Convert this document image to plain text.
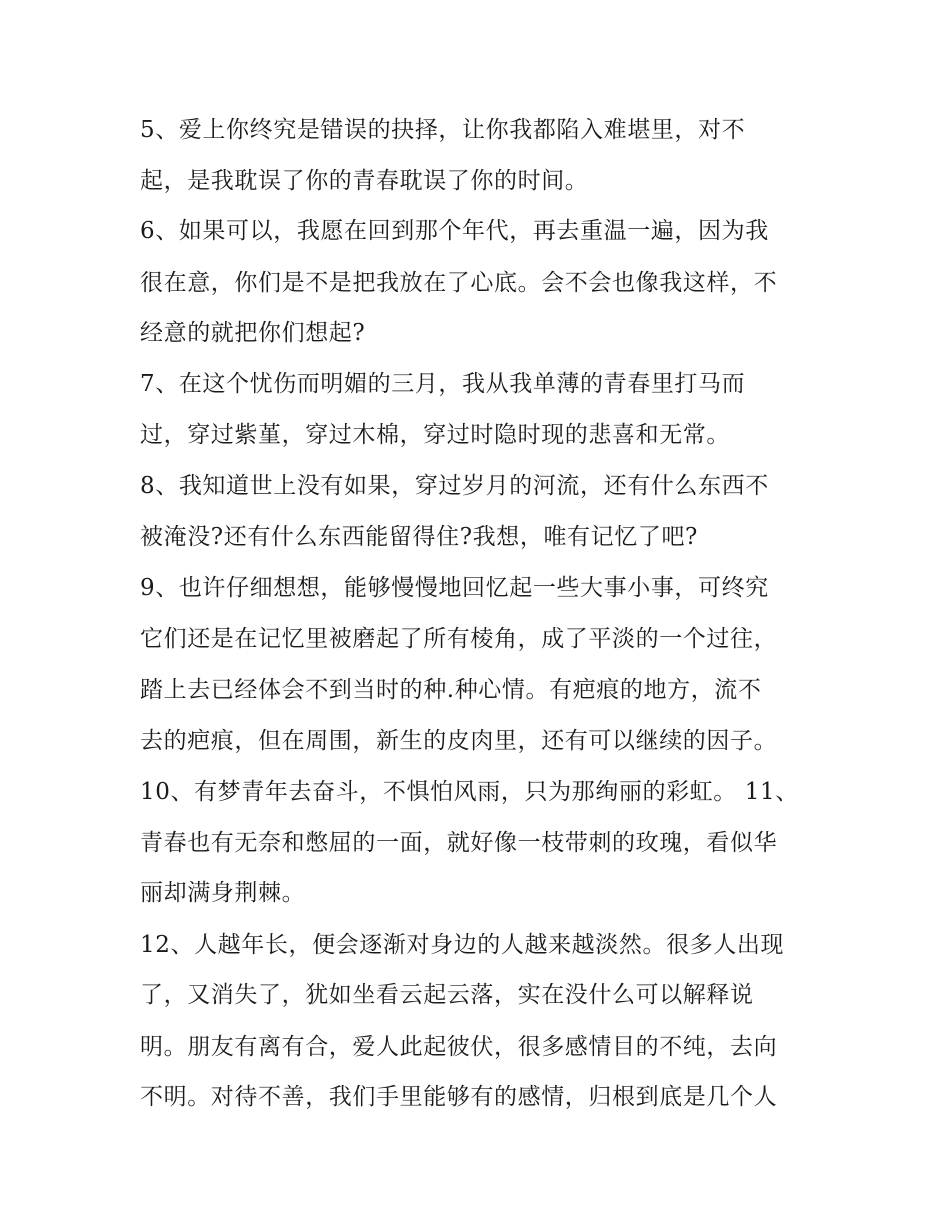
5、爱上你终究是错误的抉择，让你我都陷入难堪里，对不
起，是我耽误了你的青春耽误了你的时间。
6、如果可以，我愿在回到那个年代，再去重温一遍，因为我
很在意，你们是不是把我放在了心底。会不会也像我这样，不
经意的就把你们想起?
7、在这个忧伤而明媚的三月，我从我单薄的青春里打马而
过，穿过紫堇，穿过木棉，穿过时隐时现的悲喜和无常。
8、我知道世上没有如果，穿过岁月的河流，还有什么东西不
被淹没?还有什么东西能留得住?我想，唯有记忆了吧?
9、也许仔细想想，能够慢慢地回忆起一些大事小事，可终究
它们还是在记忆里被磨起了所有棱角，成了平淡的一个过往，
踏上去已经体会不到当时的种.种心情。有疤痕的地方，流不
去的疤痕，但在周围，新生的皮肉里，还有可以继续的因子。
10、有梦青年去奋斗，不惧怕风雨，只为那绚丽的彩虹。 11、
青春也有无奈和憋屈的一面，就好像一枝带刺的玫瑰，看似华
丽却满身荆棘。
12、人越年长，便会逐渐对身边的人越来越淡然。很多人出现
了，又消失了，犹如坐看云起云落，实在没什么可以解释说
明。朋友有离有合，爱人此起彼伏，很多感情目的不纯，去向
不明。对待不善，我们手里能够有的感情，归根到底是几个人
